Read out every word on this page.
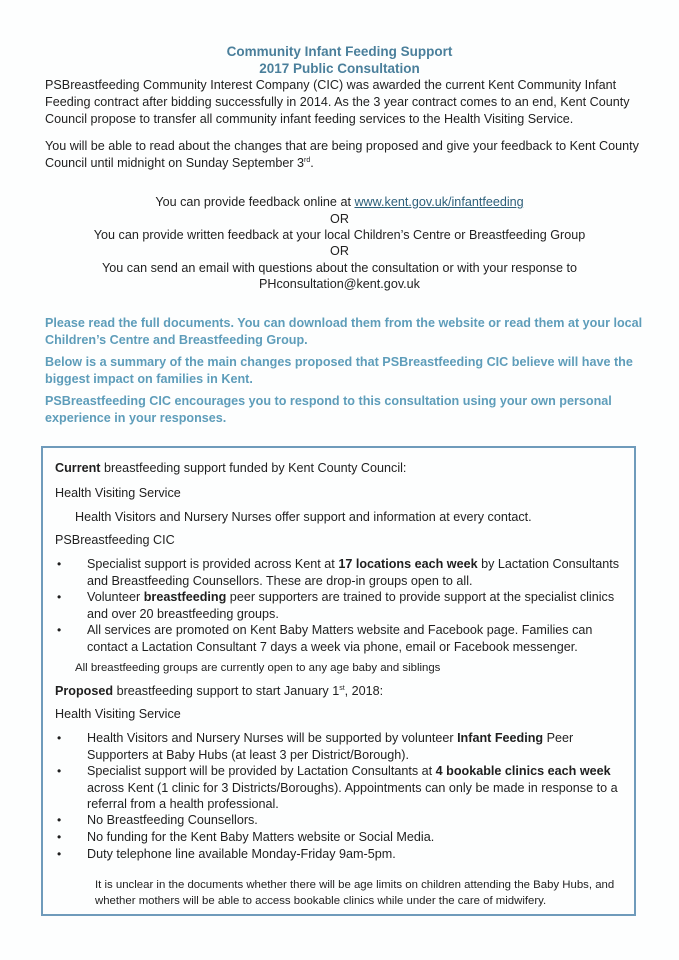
Community Infant Feeding Support
2017 Public Consultation
PSBreastfeeding Community Interest Company (CIC) was awarded the current Kent Community Infant Feeding contract after bidding successfully in 2014. As the 3 year contract comes to an end, Kent County Council propose to transfer all community infant feeding services to the Health Visiting Service.
You will be able to read about the changes that are being proposed and give your feedback to Kent County Council until midnight on Sunday September 3rd.
You can provide feedback online at www.kent.gov.uk/infantfeeding
OR
You can provide written feedback at your local Children’s Centre or Breastfeeding Group
OR
You can send an email with questions about the consultation or with your response to
PHconsultation@kent.gov.uk
Please read the full documents. You can download them from the website or read them at your local Children’s Centre and Breastfeeding Group.
Below is a summary of the main changes proposed that PSBreastfeeding CIC believe will have the biggest impact on families in Kent.
PSBreastfeeding CIC encourages you to respond to this consultation using your own personal experience in your responses.
Current breastfeeding support funded by Kent County Council:
Health Visiting Service
Health Visitors and Nursery Nurses offer support and information at every contact.
PSBreastfeeding CIC
• Specialist support is provided across Kent at 17 locations each week by Lactation Consultants and Breastfeeding Counsellors. These are drop-in groups open to all.
• Volunteer breastfeeding peer supporters are trained to provide support at the specialist clinics and over 20 breastfeeding groups.
• All services are promoted on Kent Baby Matters website and Facebook page. Families can contact a Lactation Consultant 7 days a week via phone, email or Facebook messenger.
All breastfeeding groups are currently open to any age baby and siblings
Proposed breastfeeding support to start January 1st, 2018:
Health Visiting Service
• Health Visitors and Nursery Nurses will be supported by volunteer Infant Feeding Peer Supporters at Baby Hubs (at least 3 per District/Borough).
• Specialist support will be provided by Lactation Consultants at 4 bookable clinics each week across Kent (1 clinic for 3 Districts/Boroughs). Appointments can only be made in response to a referral from a health professional.
• No Breastfeeding Counsellors.
• No funding for the Kent Baby Matters website or Social Media.
• Duty telephone line available Monday-Friday 9am-5pm.
It is unclear in the documents whether there will be age limits on children attending the Baby Hubs, and whether mothers will be able to access bookable clinics while under the care of midwifery.
